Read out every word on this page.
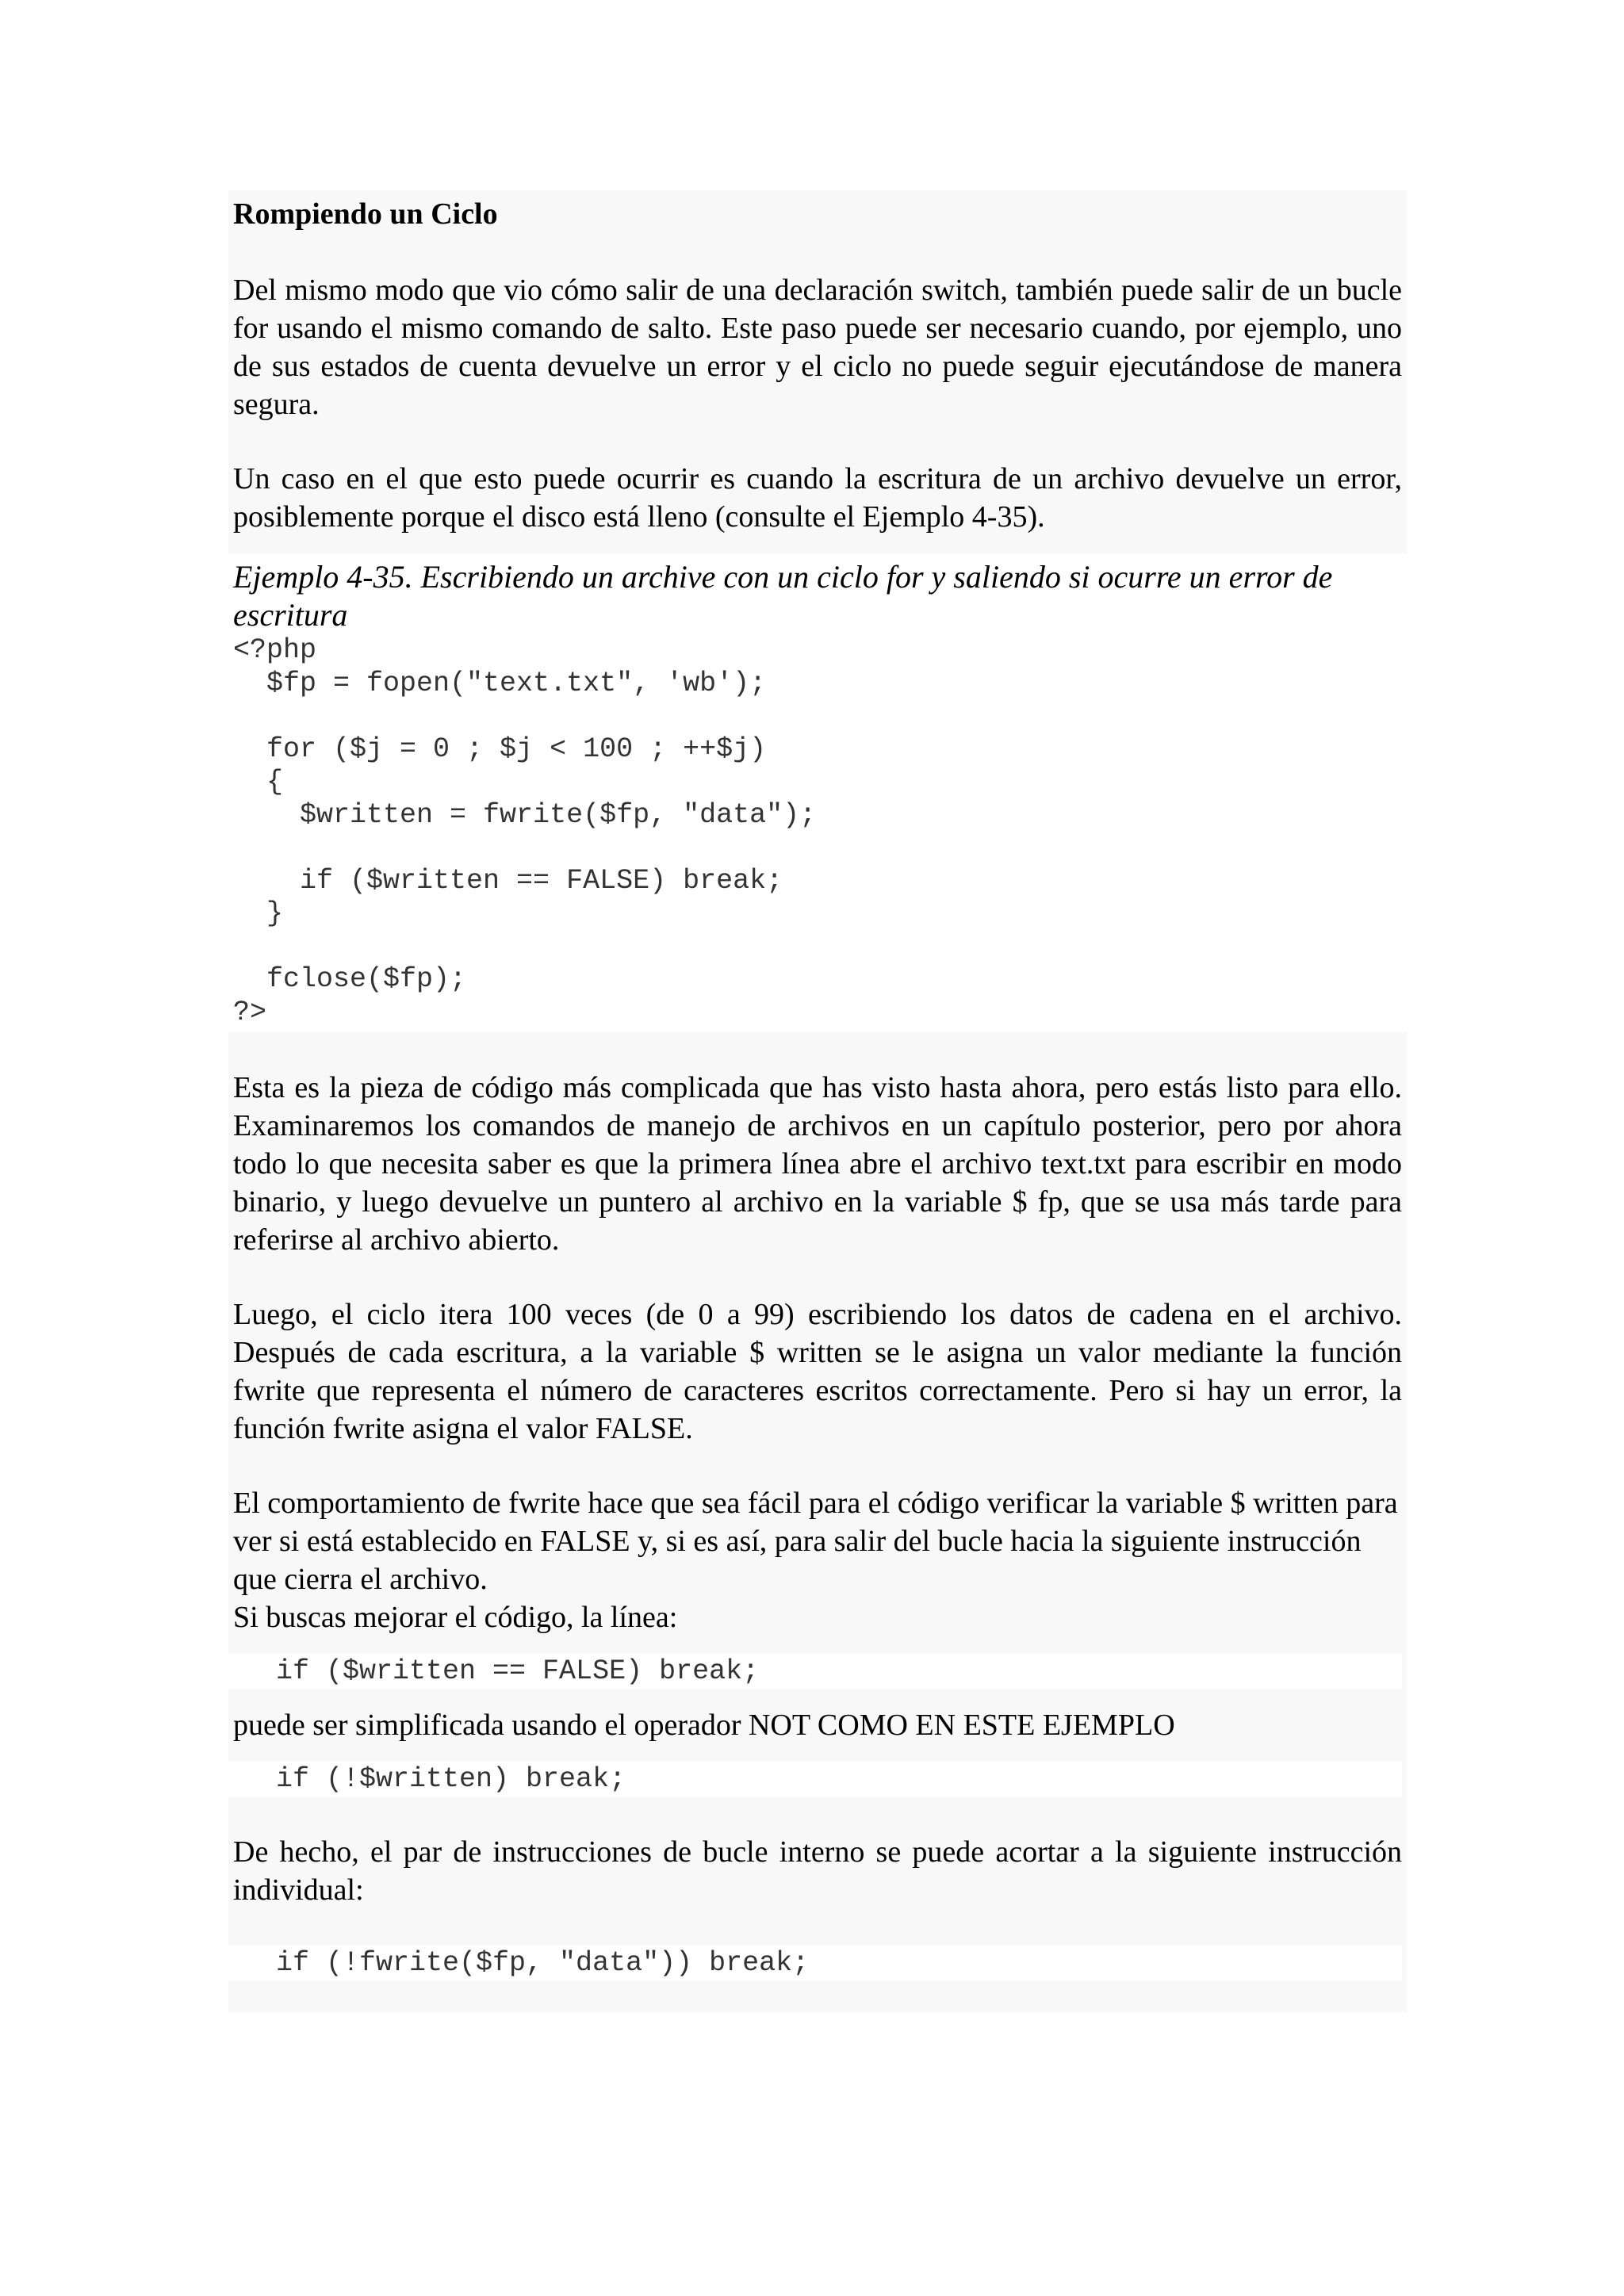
Rompiendo un Ciclo

Del mismo modo que vio cómo salir de una declaración switch, también puede salir de un bucle for usando el mismo comando de salto. Este paso puede ser necesario cuando, por ejemplo, uno de sus estados de cuenta devuelve un error y el ciclo no puede seguir ejecutándose de manera segura.

Un caso en el que esto puede ocurrir es cuando la escritura de un archivo devuelve un error, posiblemente porque el disco está lleno (consulte el Ejemplo 4-35).

Ejemplo 4-35. Escribiendo un archive con un ciclo for y saliendo si ocurre un error de escritura

<?php
$fp = fopen("text.txt", 'wb');

for ($j = 0 ; $j < 100 ; ++$j)
{
$written = fwrite($fp, "data");

if ($written == FALSE) break;
}

fclose($fp);
?>

Esta es la pieza de código más complicada que has visto hasta ahora, pero estás listo para ello. Examinaremos los comandos de manejo de archivos en un capítulo posterior, pero por ahora todo lo que necesita saber es que la primera línea abre el archivo text.txt para escribir en modo binario, y luego devuelve un puntero al archivo en la variable $ fp, que se usa más tarde para referirse al archivo abierto.

Luego, el ciclo itera 100 veces (de 0 a 99) escribiendo los datos de cadena en el archivo. Después de cada escritura, a la variable $ written se le asigna un valor mediante la función fwrite que representa el número de caracteres escritos correctamente. Pero si hay un error, la función fwrite asigna el valor FALSE.

El comportamiento de fwrite hace que sea fácil para el código verificar la variable $ written para ver si está establecido en FALSE y, si es así, para salir del bucle hacia la siguiente instrucción que cierra el archivo.

Si buscas mejorar el código, la línea:

if ($written == FALSE) break;

puede ser simplificada usando el operador NOT COMO EN ESTE EJEMPLO

if (!$written) break;

De hecho, el par de instrucciones de bucle interno se puede acortar a la siguiente instrucción individual:

if (!fwrite($fp, "data")) break;
